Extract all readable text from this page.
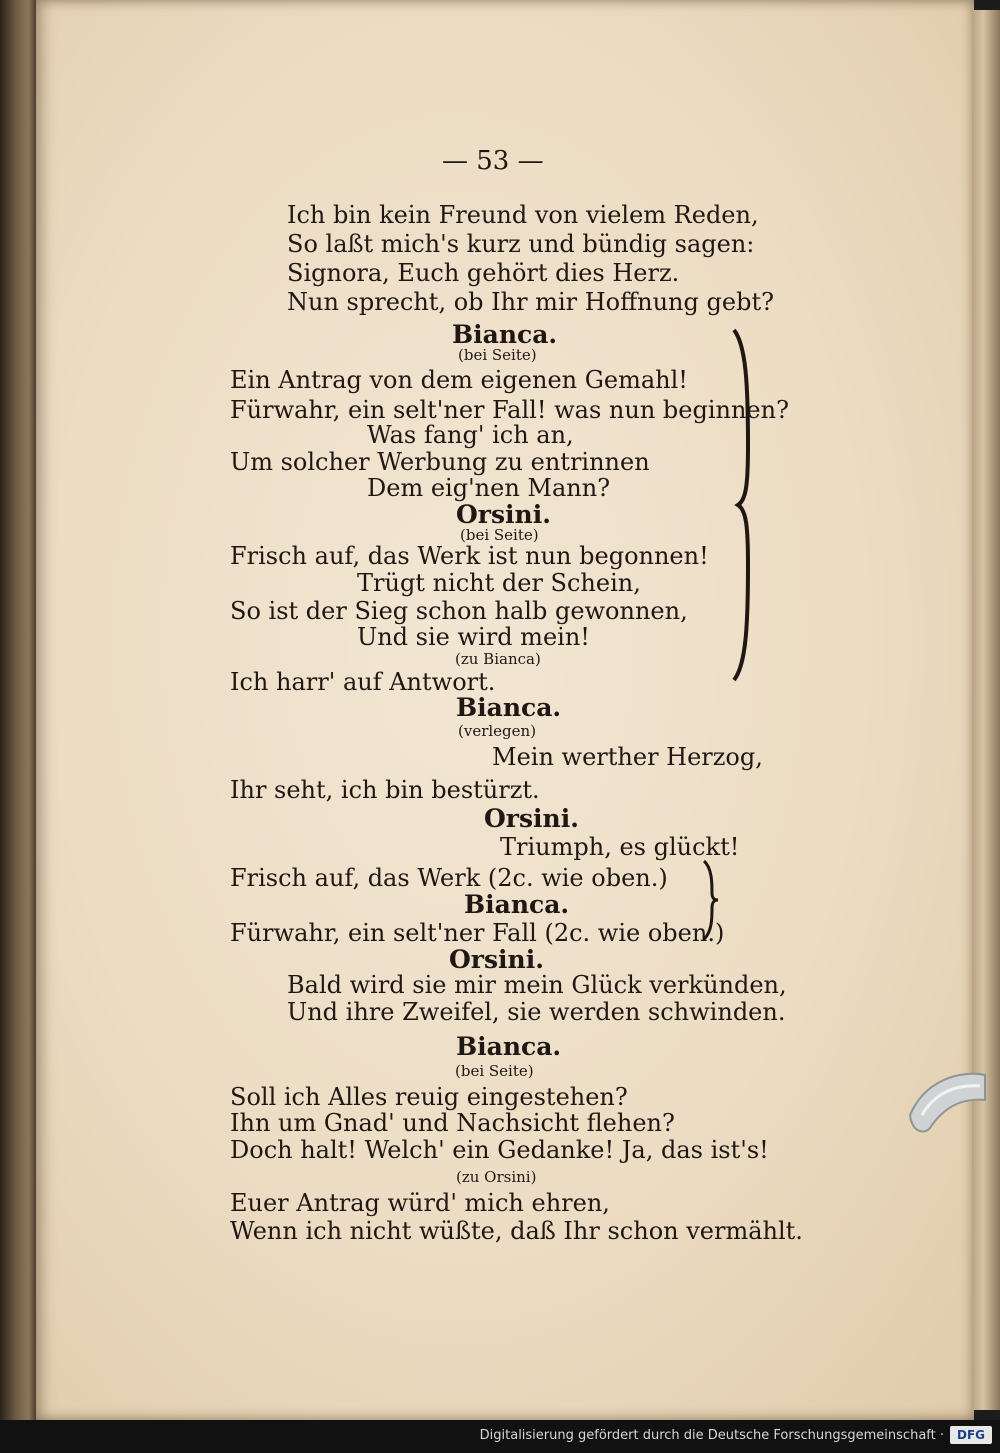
— 53 —
Ich bin kein Freund von vielem Reden,
So laßt mich's kurz und bündig sagen:
Signora, Euch gehört dies Herz.
Nun sprecht, ob Ihr mir Hoffnung gebt?
Bianca.
(bei Seite)
Ein Antrag von dem eigenen Gemahl!
Fürwahr, ein selt'ner Fall! was nun beginnen?
Was fang' ich an,
Um solcher Werbung zu entrinnen
Dem eig'nen Mann?
Orsini.
(bei Seite)
Frisch auf, das Werk ist nun begonnen!
Trügt nicht der Schein,
So ist der Sieg schon halb gewonnen,
Und sie wird mein!
(zu Bianca)
Ich harr' auf Antwort.
Bianca.
(verlegen)
Mein werther Herzog,
Ihr seht, ich bin bestürzt.
Orsini.
Triumph, es glückt!
Frisch auf, das Werk (2c. wie oben.)
Bianca.
Fürwahr, ein selt'ner Fall (2c. wie oben.)
Orsini.
Bald wird sie mir mein Glück verkünden,
Und ihre Zweifel, sie werden schwinden.
Bianca.
(bei Seite)
Soll ich Alles reuig eingestehen?
Ihn um Gnad' und Nachsicht flehen?
Doch halt! Welch' ein Gedanke! Ja, das ist's!
(zu Orsini)
Euer Antrag würd' mich ehren,
Wenn ich nicht wüßte, daß Ihr schon vermählt.
Digitalisierung gefördert durch die Deutsche Forschungsgemeinschaft ·	DFG
